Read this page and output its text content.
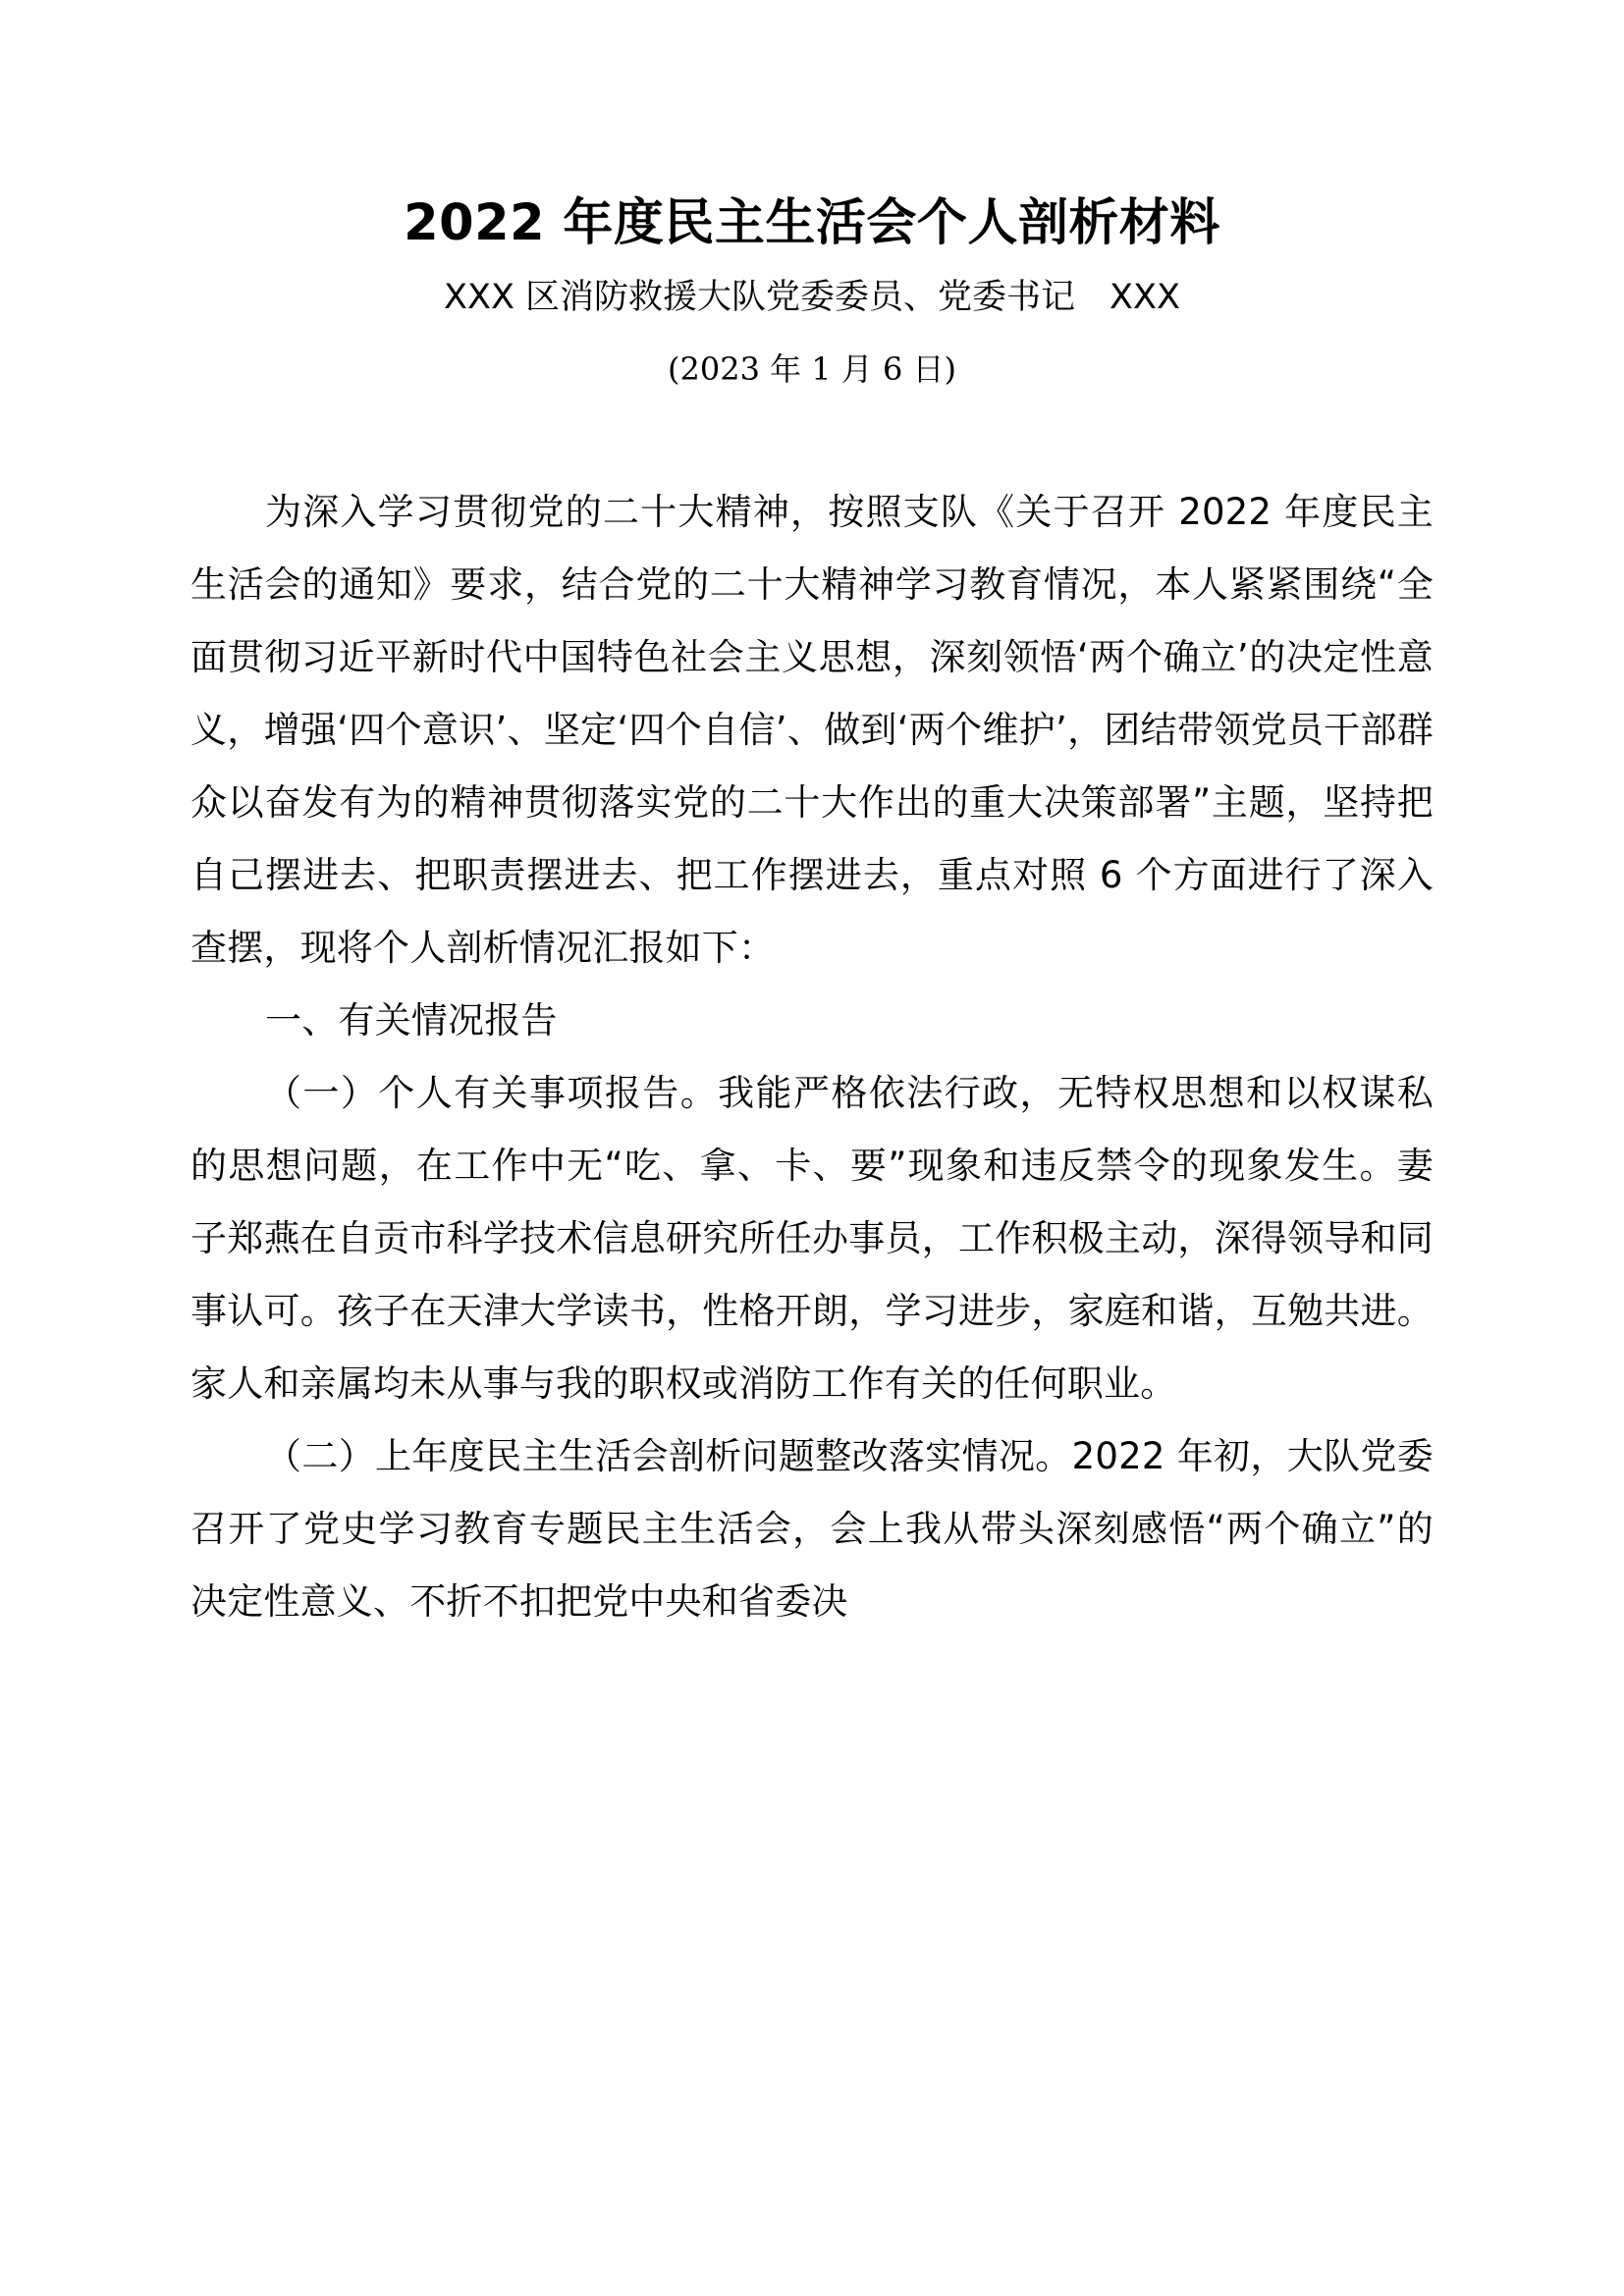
2022 年度民主生活会个人剖析材料
XXX 区消防救援大队党委委员、党委书记　XXX

(2023 年 1 月 6 日)

为深入学习贯彻党的二十大精神，按照支队《关于召开 2022 年度民主生活会的通知》要求，结合党的二十大精神学习教育情况，本人紧紧围绕“全面贯彻习近平新时代中国特色社会主义思想，深刻领悟‘两个确立’的决定性意义，增强‘四个意识’、坚定‘四个自信’、做到‘两个维护’，团结带领党员干部群众以奋发有为的精神贯彻落实党的二十大作出的重大决策部署”主题，坚持把自己摆进去、把职责摆进去、把工作摆进去，重点对照 6 个方面进行了深入查摆，现将个人剖析情况汇报如下：

一、有关情况报告

（一）个人有关事项报告。我能严格依法行政，无特权思想和以权谋私的思想问题，在工作中无“吃、拿、卡、要”现象和违反禁令的现象发生。妻子郑燕在自贡市科学技术信息研究所任办事员，工作积极主动，深得领导和同事认可。孩子在天津大学读书，性格开朗，学习进步，家庭和谐，互勉共进。家人和亲属均未从事与我的职权或消防工作有关的任何职业。

（二）上年度民主生活会剖析问题整改落实情况。2022 年初，大队党委召开了党史学习教育专题民主生活会，会上我从带头深刻感悟“两个确立”的决定性意义、不折不扣把党中央和省委决
